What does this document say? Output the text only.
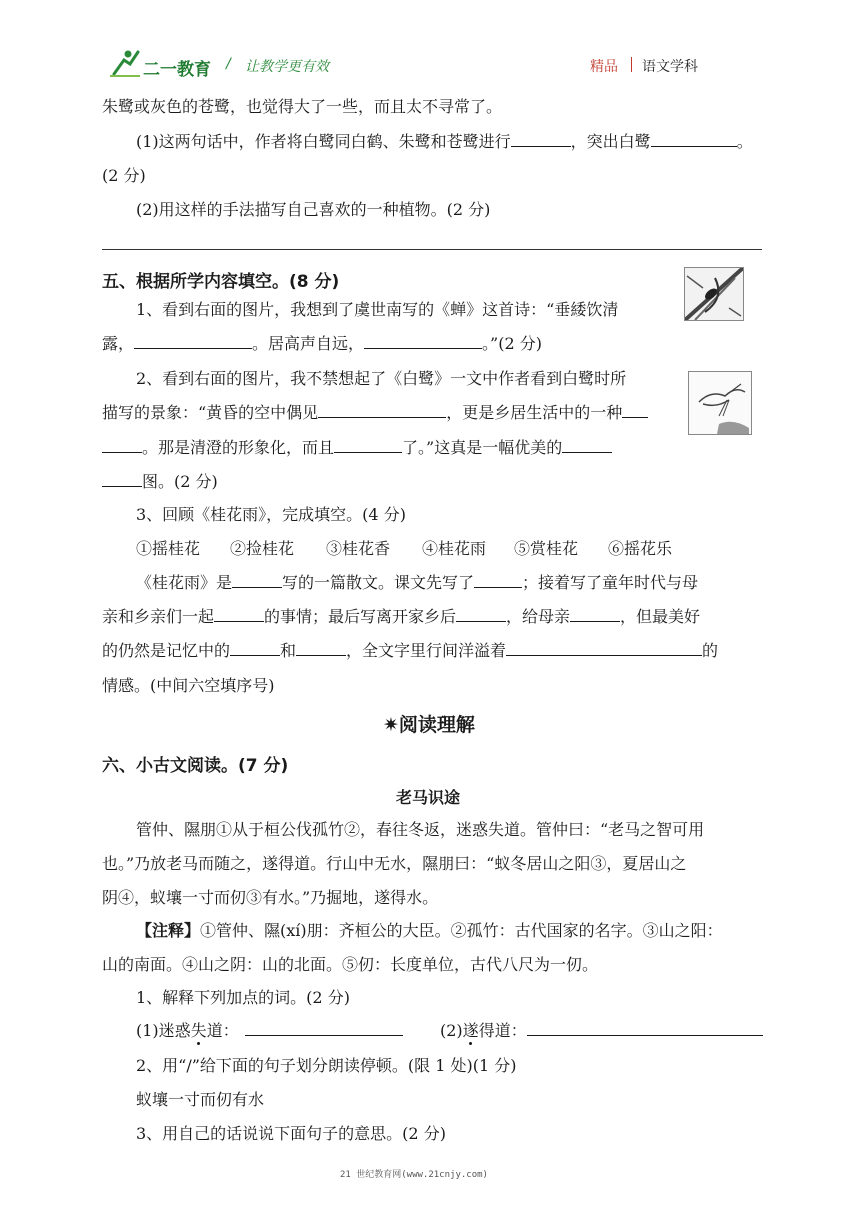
二一教育 / 让教学更有效	精品 语文学科
朱鹭或灰色的苍鹭，也觉得大了一些，而且太不寻常了。
(1)这两句话中，作者将白鹭同白鹤、朱鹭和苍鹭进行	，突出白鹭	。
(2 分)
(2)用这样的手法描写自己喜欢的一种植物。(2 分)
五、根据所学内容填空。(8 分)
1、看到右面的图片，我想到了虞世南写的《蝉》这首诗：“垂緌饮清
露，	。居高声自远，	。”(2 分)
2、看到右面的图片，我不禁想起了《白鹭》一文中作者看到白鹭时所
描写的景象：“黄昏的空中偶见	，更是乡居生活中的一种
。那是清澄的形象化，而且	了。”这真是一幅优美的
图。(2 分)
3、回顾《桂花雨》，完成填空。(4 分)
①摇桂花 ②捡桂花 ③桂花香 ④桂花雨 ⑤赏桂花 ⑥摇花乐
《桂花雨》是	写的一篇散文。课文先写了	；接着写了童年时代与母
亲和乡亲们一起	的事情；最后写离开家乡后	，给母亲	，但最美好
的仍然是记忆中的	和	，全文字里行间洋溢着	的
情感。(中间六空填序号)
✷阅读理解
六、小古文阅读。(7 分)
老马识途
管仲、隰朋①从于桓公伐孤竹②，春往冬返，迷惑失道。管仲曰：“老马之智可用
也。”乃放老马而随之，遂得道。行山中无水，隰朋曰：“蚁冬居山之阳③，夏居山之
阴④，蚁壤一寸而仞③有水。”乃掘地，遂得水。
【注释】①管仲、隰(xí)朋：齐桓公的大臣。②孤竹：古代国家的名字。③山之阳：
山的南面。④山之阴：山的北面。⑤仞：长度单位，古代八尺为一仞。
1、解释下列加点的词。(2 分)
(1)迷惑失道：	(2)遂得道：
2、用“/”给下面的句子划分朗读停顿。(限 1 处)(1 分)
蚁壤一寸而仞有水
3、用自己的话说说下面句子的意思。(2 分)
21 世纪教育网(www.21cnjy.com)
